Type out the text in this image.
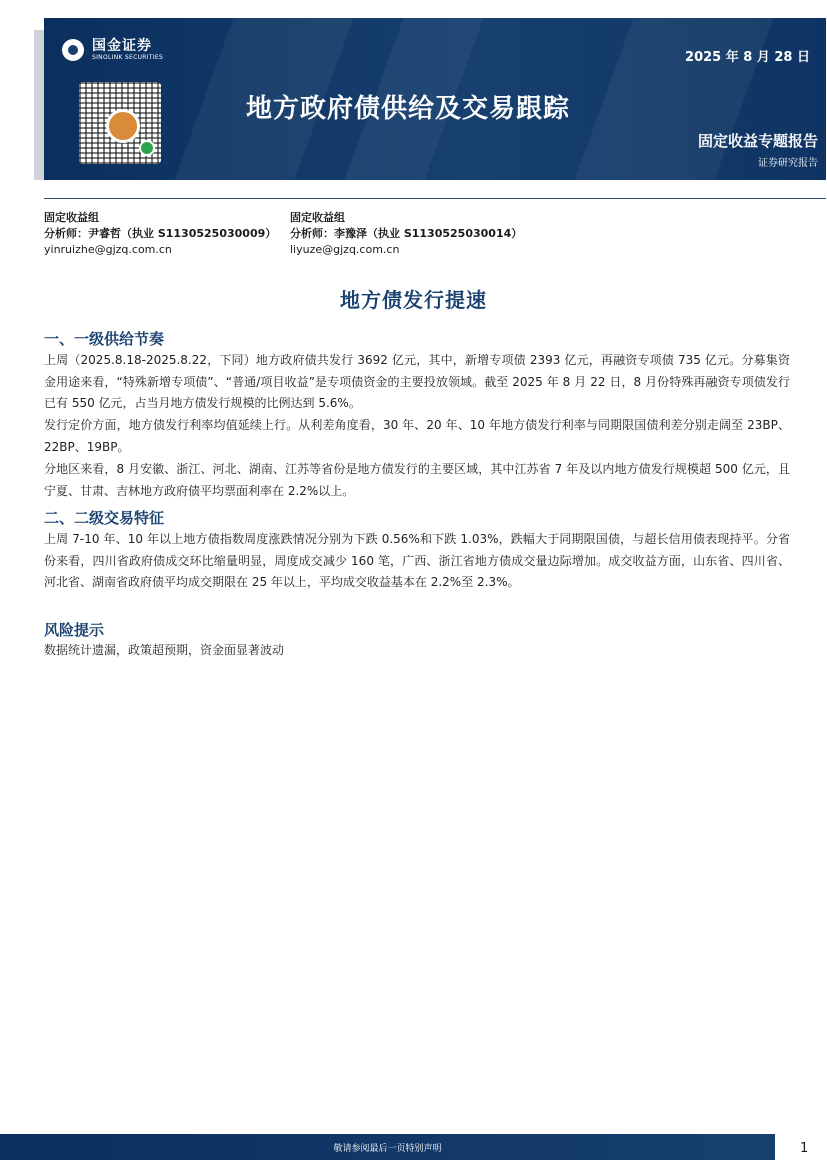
国金证券
SINOLINK SECURITIES	2025 年 8 月 28 日
地方政府债供给及交易跟踪
固定收益专题报告
证券研究报告
固定收益组
分析师：尹睿哲（执业 S1130525030009）
yinruizhe@gjzq.com.cn
固定收益组
分析师：李豫泽（执业 S1130525030014）
liyuze@gjzq.com.cn
地方债发行提速
一、一级供给节奏
上周（2025.8.18-2025.8.22，下同）地方政府债共发行 3692 亿元，其中，新增专项债 2393 亿元，再融资专项债 735 亿元。分募集资金用途来看，“特殊新增专项债”、“普通/项目收益”是专项债资金的主要投放领域。截至 2025 年 8 月 22 日，8 月份特殊再融资专项债发行已有 550 亿元，占当月地方债发行规模的比例达到 5.6%。
发行定价方面，地方债发行利率均值延续上行。从利差角度看，30 年、20 年、10 年地方债发行利率与同期限国债利差分别走阔至 23BP、22BP、19BP。
分地区来看，8 月安徽、浙江、河北、湖南、江苏等省份是地方债发行的主要区域，其中江苏省 7 年及以内地方债发行规模超 500 亿元，且宁夏、甘肃、吉林地方政府债平均票面利率在 2.2%以上。
二、二级交易特征
上周 7-10 年、10 年以上地方债指数周度涨跌情况分别为下跌 0.56%和下跌 1.03%，跌幅大于同期限国债，与超长信用债表现持平。分省份来看，四川省政府债成交环比缩量明显，周度成交减少 160 笔，广西、浙江省地方债成交量边际增加。成交收益方面，山东省、四川省、河北省、湖南省政府债平均成交期限在 25 年以上，平均成交收益基本在 2.2%至 2.3%。
风险提示
数据统计遗漏，政策超预期，资金面显著波动
敬请参阅最后一页特别声明	1
